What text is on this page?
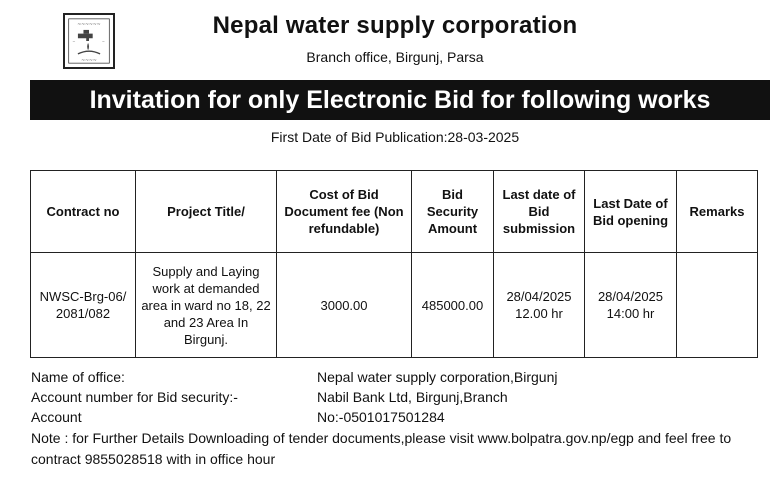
~~~~~~
~	~
~~~~
Nepal water supply corporation
Branch office, Birgunj, Parsa
Invitation for only Electronic Bid for following works
First Date of Bid Publication:28-03-2025
Contract no	Project Title/	Cost of Bid Document fee (Non refundable)	Bid Security Amount	Last date of Bid submission	Last Date of Bid opening	Remarks
NWSC-Brg-06/ 2081/082	Supply and Laying work at demanded area in ward no 18, 22 and 23 Area In Birgunj.	3000.00	485000.00	28/04/2025 12.00 hr	28/04/2025 14:00 hr	
Name of office:	Nepal water supply corporation,Birgunj
Account number for Bid security:-	Nabil Bank Ltd, Birgunj,Branch
Account	No:-0501017501284
Note : for Further Details Downloading of tender documents,please visit www.bolpatra.gov.np/egp and feel free to contract 9855028518 with in office hour
